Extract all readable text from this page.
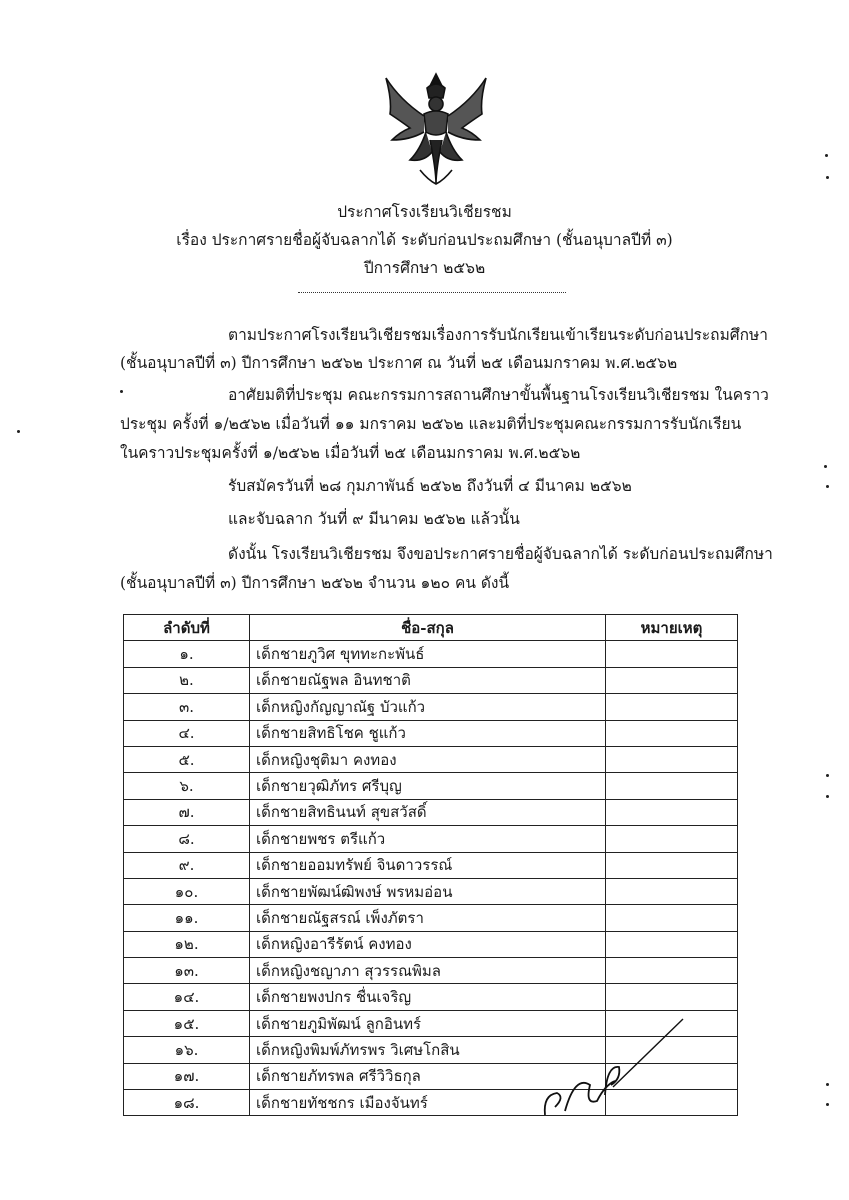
ประกาศโรงเรียนวิเชียรชม
เรื่อง ประกาศรายชื่อผู้จับฉลากได้ ระดับก่อนประถมศึกษา (ชั้นอนุบาลปีที่ ๓)
ปีการศึกษา ๒๕๖๒
ตามประกาศโรงเรียนวิเชียรชมเรื่องการรับนักเรียนเข้าเรียนระดับก่อนประถมศึกษา
(ชั้นอนุบาลปีที่ ๓) ปีการศึกษา ๒๕๖๒ ประกาศ ณ วันที่ ๒๕ เดือนมกราคม พ.ศ.๒๕๖๒
อาศัยมติที่ประชุม คณะกรรมการสถานศึกษาขั้นพื้นฐานโรงเรียนวิเชียรชม ในคราว
ประชุม ครั้งที่ ๑/๒๕๖๒ เมื่อวันที่ ๑๑ มกราคม ๒๕๖๒ และมติที่ประชุมคณะกรรมการรับนักเรียน
ในคราวประชุมครั้งที่ ๑/๒๕๖๒ เมื่อวันที่ ๒๕ เดือนมกราคม พ.ศ.๒๕๖๒
รับสมัครวันที่ ๒๘ กุมภาพันธ์ ๒๕๖๒ ถึงวันที่ ๔ มีนาคม ๒๕๖๒
และจับฉลาก วันที่ ๙ มีนาคม ๒๕๖๒ แล้วนั้น
ดังนั้น โรงเรียนวิเชียรชม จึงขอประกาศรายชื่อผู้จับฉลากได้ ระดับก่อนประถมศึกษา
(ชั้นอนุบาลปีที่ ๓) ปีการศึกษา ๒๕๖๒ จำนวน ๑๒๐ คน ดังนี้
ลำดับที่	ชื่อ-สกุล	หมายเหตุ
๑.	เด็กชายภูวิศ ขุททะกะพันธ์	
๒.	เด็กชายณัฐพล อินทชาติ	
๓.	เด็กหญิงกัญญาณัฐ บัวแก้ว	
๔.	เด็กชายสิทธิโชค ชูแก้ว	
๕.	เด็กหญิงชุติมา คงทอง	
๖.	เด็กชายวุฒิภัทร ศรีบุญ	
๗.	เด็กชายสิทธินนท์ สุขสวัสดิ์	
๘.	เด็กชายพชร ตรีแก้ว	
๙.	เด็กชายออมทรัพย์ จินดาวรรณ์	
๑๐.	เด็กชายพัฒน์ฒิพงษ์ พรหมอ่อน	
๑๑.	เด็กชายณัฐสรณ์ เพ็งภัตรา	
๑๒.	เด็กหญิงอารีรัตน์ คงทอง	
๑๓.	เด็กหญิงชญาภา สุวรรณพิมล	
๑๔.	เด็กชายพงปกร ชื่นเจริญ	
๑๕.	เด็กชายภูมิพัฒน์ ลูกอินทร์	
๑๖.	เด็กหญิงพิมพ์ภัทรพร วิเศษโกสิน	
๑๗.	เด็กชายภัทรพล ศรีวิวิธกุล	
๑๘.	เด็กชายทัชชกร เมืองจันทร์	
